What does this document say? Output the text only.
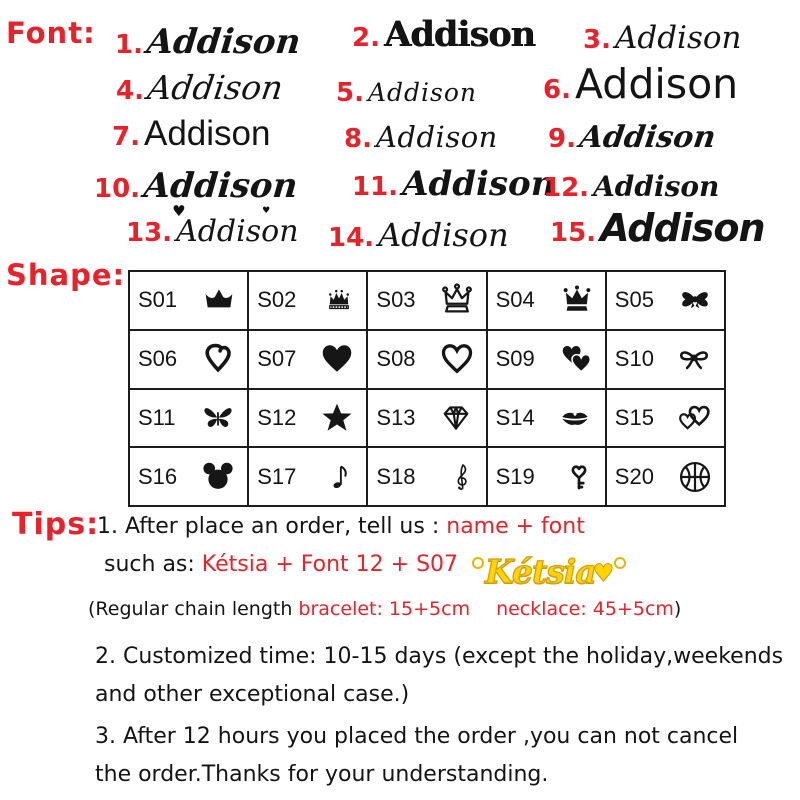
Font:
Shape:
Tips:
1. Addison 2. Addison 3. Addison
4. Addison 5. Addison	6. Addison
7. Addison	8. Addison 9. Addison
10. Addison 11. Addison
12. Addison
13.
♥	♥
Addison 14. Addison 15. Addison
S01	S02	S03	S04	S05
S06	S07	S08	S09	S10
S11	S12	S13	S14	S15
S16	S17	S18	S19	S20
1. After place an order, tell us : name + font
such as: Kétsia + Font 12 + S07 Kétsia♥
(Regular chain length bracelet: 15+5cm necklace: 45+5cm)
2. Customized time: 10-15 days (except the holiday,weekends
and other exceptional case.)
3. After 12 hours you placed the order ,you can not cancel
the order.Thanks for your understanding.
